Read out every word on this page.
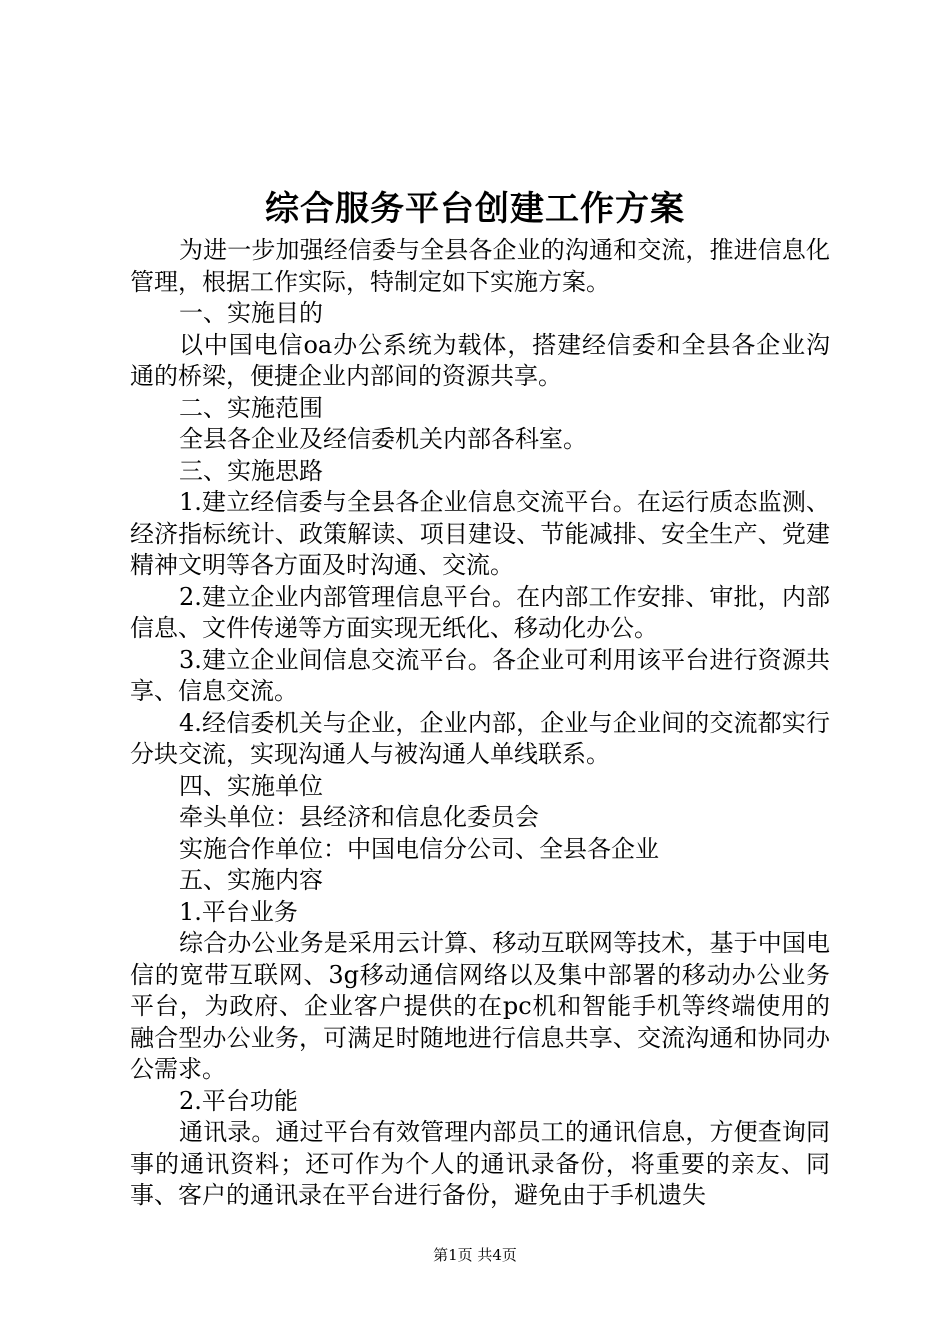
综合服务平台创建工作方案

为进一步加强经信委与全县各企业的沟通和交流，推进信息化管理，根据工作实际，特制定如下实施方案。

一、实施目的

以中国电信oa办公系统为载体，搭建经信委和全县各企业沟通的桥梁，便捷企业内部间的资源共享。

二、实施范围

全县各企业及经信委机关内部各科室。

三、实施思路

1.建立经信委与全县各企业信息交流平台。在运行质态监测、经济指标统计、政策解读、项目建设、节能减排、安全生产、党建精神文明等各方面及时沟通、交流。

2.建立企业内部管理信息平台。在内部工作安排、审批，内部信息、文件传递等方面实现无纸化、移动化办公。

3.建立企业间信息交流平台。各企业可利用该平台进行资源共享、信息交流。

4.经信委机关与企业，企业内部，企业与企业间的交流都实行分块交流，实现沟通人与被沟通人单线联系。

四、实施单位

牵头单位：县经济和信息化委员会

实施合作单位：中国电信分公司、全县各企业

五、实施内容

1.平台业务

综合办公业务是采用云计算、移动互联网等技术，基于中国电信的宽带互联网、3g移动通信网络以及集中部署的移动办公业务平台，为政府、企业客户提供的在pc机和智能手机等终端使用的融合型办公业务，可满足时随地进行信息共享、交流沟通和协同办公需求。

2.平台功能

通讯录。通过平台有效管理内部员工的通讯信息，方便查询同事的通讯资料；还可作为个人的通讯录备份，将重要的亲友、同事、客户的通讯录在平台进行备份，避免由于手机遗失

第1页 共4页
